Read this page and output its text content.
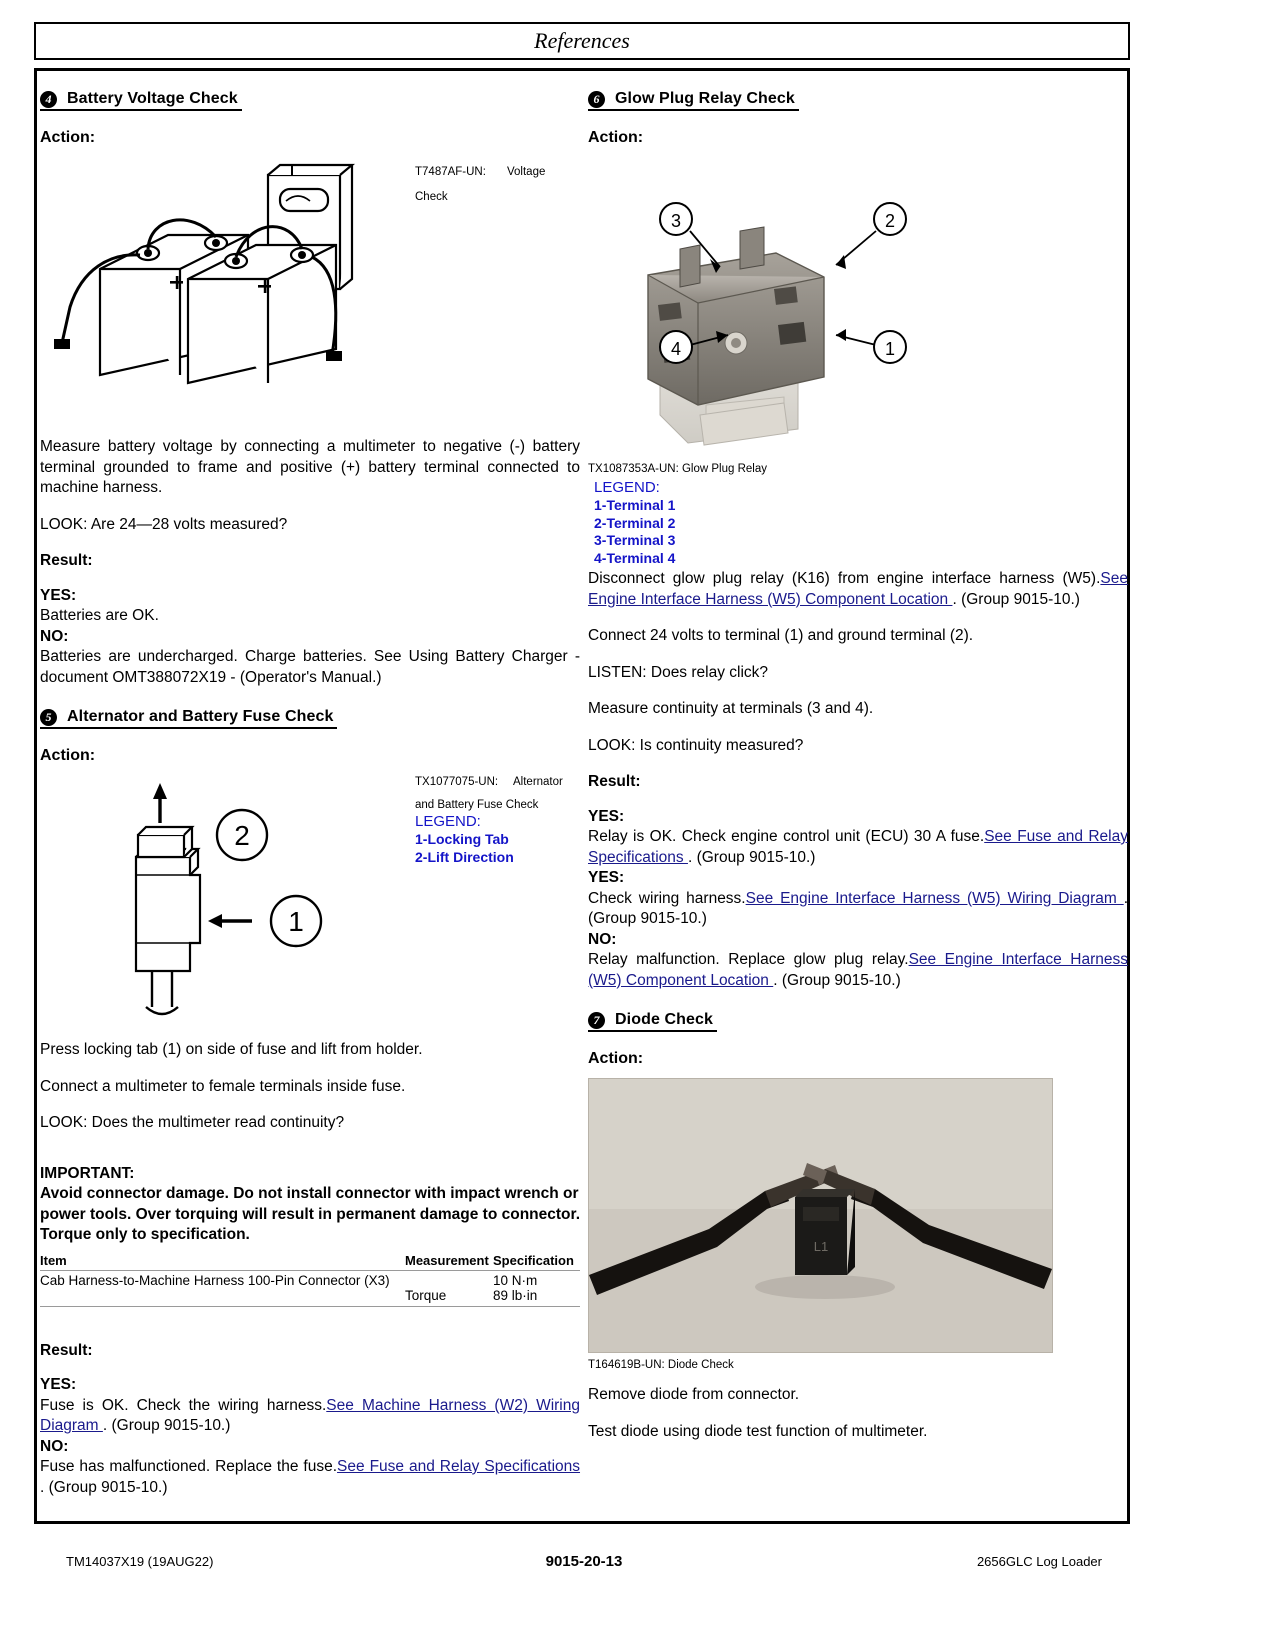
References
4 Battery Voltage Check
Action:
T7487AF-UN: Voltage
Check

Measure battery voltage by connecting a multimeter to negative (-) battery terminal grounded to frame and positive (+) battery terminal connected to machine harness.

LOOK: Are 24—28 volts measured?

Result:
YES:
Batteries are OK.
NO:
Batteries are undercharged. Charge batteries. See Using Battery Charger - document OMT388072X19 - (Operator's Manual.)
5 Alternator and Battery Fuse Check
Action:
2
1
TX1077075-UN: Alternator
and Battery Fuse Check
LEGEND:
1-Locking Tab
2-Lift Direction

Press locking tab (1) on side of fuse and lift from holder.

Connect a multimeter to female terminals inside fuse.

LOOK: Does the multimeter read continuity?

IMPORTANT:
Avoid connector damage. Do not install connector with impact wrench or power tools. Over torquing will result in permanent damage to connector. Torque only to specification.
Item	Measurement	Specification
Cab Harness-to-Machine Harness 100-Pin Connector (X3)	Torque	10 N·m
89 lb·in
Result:
YES:
Fuse is OK. Check the wiring harness.See Machine Harness (W2) Wiring Diagram . (Group 9015-10.)
NO:
Fuse has malfunctioned. Replace the fuse.See Fuse and Relay Specifications . (Group 9015-10.)
6 Glow Plug Relay Check
Action:
3	2
4	1
TX1087353A-UN: Glow Plug Relay
LEGEND:
1-Terminal 1
2-Terminal 2
3-Terminal 3
4-Terminal 4

Disconnect glow plug relay (K16) from engine interface harness (W5).See Engine Interface Harness (W5) Component Location . (Group 9015-10.)

Connect 24 volts to terminal (1) and ground terminal (2).

LISTEN: Does relay click?

Measure continuity at terminals (3 and 4).

LOOK: Is continuity measured?

Result:
YES:
Relay is OK. Check engine control unit (ECU) 30 A fuse.See Fuse and Relay Specifications . (Group 9015-10.)
YES:
Check wiring harness.See Engine Interface Harness (W5) Wiring Diagram . (Group 9015-10.)
NO:
Relay malfunction. Replace glow plug relay.See Engine Interface Harness (W5) Component Location . (Group 9015-10.)
7 Diode Check
Action:
L1
T164619B-UN: Diode Check

Remove diode from connector.

Test diode using diode test function of multimeter.

TM14037X19 (19AUG22)	9015-20-13	2656GLC Log Loader
